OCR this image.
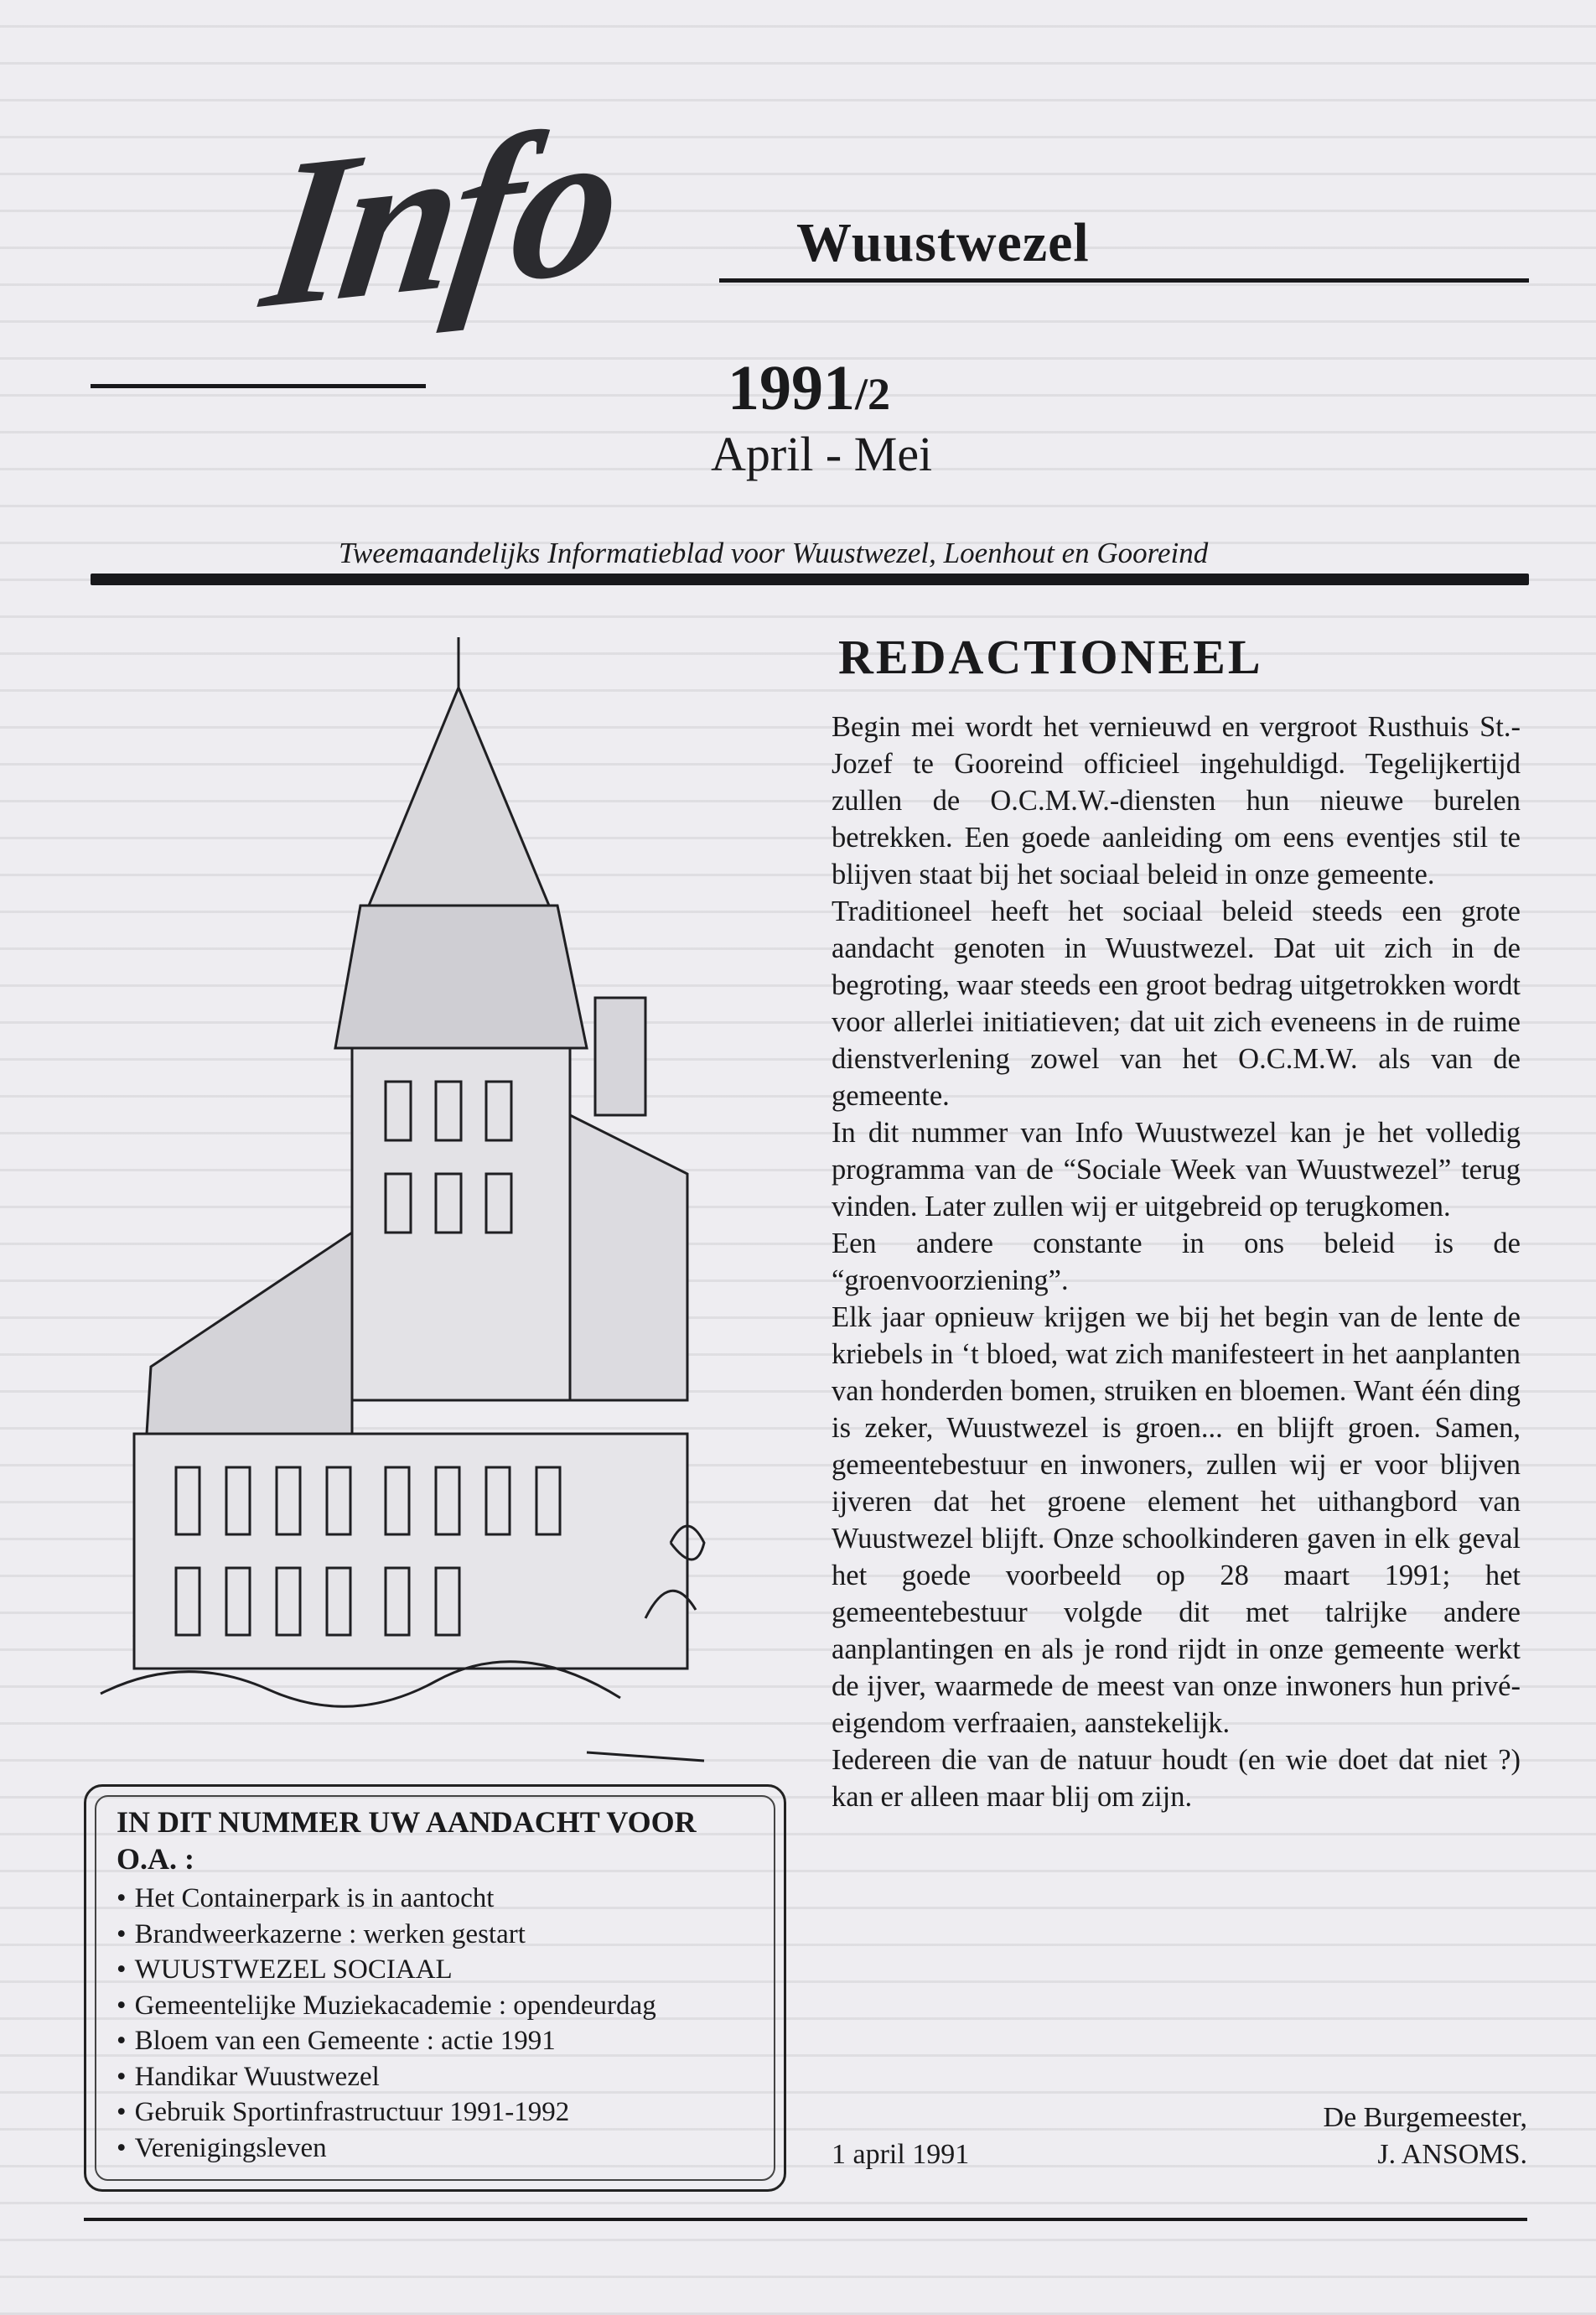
Info	Wuustwezel
1991/2
April - Mei
Tweemaandelijks Informatieblad voor Wuustwezel, Loenhout en Gooreind
IN DIT NUMMER UW AANDACHT VOOR O.A. :
• Het Containerpark is in aantocht
• Brandweerkazerne : werken gestart
• WUUSTWEZEL SOCIAAL
• Gemeentelijke Muziekacademie : opendeurdag
• Bloem van een Gemeente : actie 1991
• Handikar Wuustwezel
• Gebruik Sportinfrastructuur 1991-1992
• Verenigingsleven
REDACTIONEEL

Begin mei wordt het vernieuwd en vergroot Rusthuis St.-Jozef te Gooreind officieel ingehuldigd. Tegelijkertijd zullen de O.C.M.W.-diensten hun nieuwe burelen betrekken. Een goede aanleiding om eens eventjes stil te blijven staat bij het sociaal beleid in onze gemeente.

Traditioneel heeft het sociaal beleid steeds een grote aandacht genoten in Wuustwezel. Dat uit zich in de begroting, waar steeds een groot bedrag uitgetrokken wordt voor allerlei initiatieven; dat uit zich eveneens in de ruime dienstverlening zowel van het O.C.M.W. als van de gemeente.

In dit nummer van Info Wuustwezel kan je het volledig programma van de “Sociale Week van Wuustwezel” terug vinden. Later zullen wij er uitgebreid op terugkomen.

Een andere constante in ons beleid is de “groenvoorziening”.

Elk jaar opnieuw krijgen we bij het begin van de lente de kriebels in ‘t bloed, wat zich manifesteert in het aanplanten van honderden bomen, struiken en bloemen. Want één ding is zeker, Wuustwezel is groen... en blijft groen. Samen, gemeentebestuur en inwoners, zullen wij er voor blijven ijveren dat het groene element het uithangbord van Wuustwezel blijft. Onze schoolkinderen gaven in elk geval het goede voorbeeld op 28 maart 1991; het gemeentebestuur volgde dit met talrijke andere aanplantingen en als je rond rijdt in onze gemeente werkt de ijver, waarmede de meest van onze inwoners hun privé-eigendom verfraaien, aanstekelijk.

Iedereen die van de natuur houdt (en wie doet dat niet ?) kan er alleen maar blij om zijn.

1 april 1991
De Burgemeester,
J. ANSOMS.
